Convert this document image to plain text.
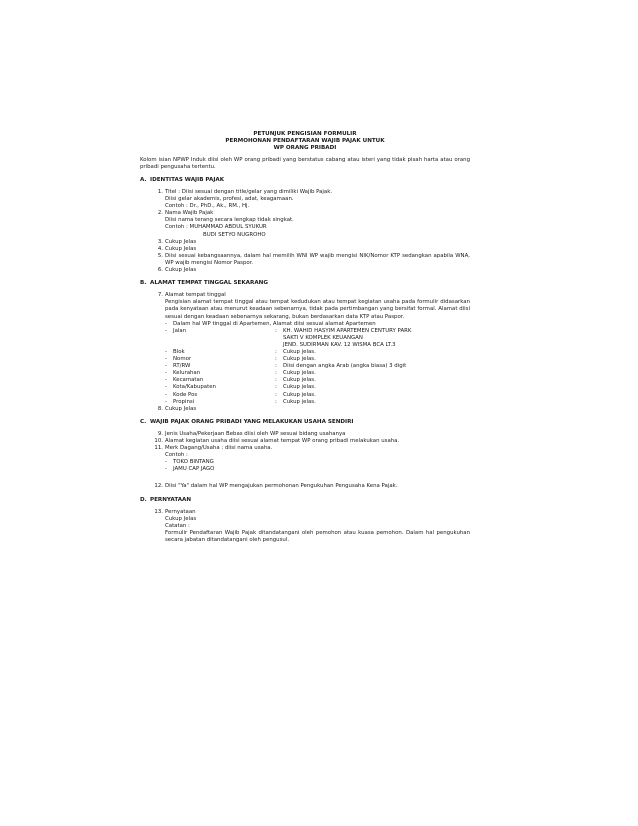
PETUNJUK PENGISIAN FORMULIR
PERMOHONAN PENDAFTARAN WAJIB PAJAK UNTUK
WP ORANG PRIBADI
Kolom isian NPWP Induk diisi oleh WP orang pribadi yang berstatus cabang atau isteri yang tidak pisah harta atau orang pribadi pengusaha tertentu.
A. IDENTITAS WAJIB PAJAK
1. Titel : Diisi sesuai dengan title/gelar yang dimiliki Wajib Pajak.
Diisi gelar akademis, profesi, adat, keagamaan.
Contoh : Dr., PhD., Ak., RM., Hj.
2. Nama Wajib Pajak
Diisi nama terang secara lengkap tidak singkat.
Contoh : MUHAMMAD ABDUL SYUKUR
BUDI SETYO NUGROHO
3. Cukup Jelas
4. Cukup Jelas
5. Diisi sesuai kebangsaannya, dalam hal memilih WNI WP wajib mengisi NIK/Nomor KTP sedangkan apabila WNA, WP wajib mengisi Nomor Paspor.
6. Cukup Jelas
B. ALAMAT TEMPAT TINGGAL SEKARANG
7. Alamat tempat tinggal
Pengisian alamat tempat tinggal atau tempat kedudukan atau tempat kegiatan usaha pada formulir didasarkan pada kenyataan atau menurut keadaan sebenarnya, tidak pada pertimbangan yang bersifat formal. Alamat diisi sesuai dengan keadaan sebenarnya sekarang, bukan berdasarkan data KTP atau Paspor.
- Dalam hal WP tinggal di Apartemen, Alamat diisi sesuai alamat Apartemen
- Jalan	:	KH. WAHID HASYIM APARTEMEN CENTURY PARK
SAKTI V KOMPLEK KEUANGAN
JEND. SUDIRMAN KAV. 12 WISMA BCA LT.3
- Blok	:	Cukup jelas.
- Nomor	:	Cukup jelas.
- RT/RW	:	Diisi dengan angka Arab (angka biasa) 3 digit
- Kelurahan	:	Cukup jelas.
- Kecamatan	:	Cukup jelas.
- Kota/Kabupaten	:	Cukup jelas.
- Kode Pos	:	Cukup jelas.
- Propinsi	:	Cukup jelas.
8. Cukup Jelas
C. WAJIB PAJAK ORANG PRIBADI YANG MELAKUKAN USAHA SENDIRI
9. Jenis Usaha/Pekerjaan Bebas diisi oleh WP sesuai bidang usahanya
10. Alamat kegiatan usaha diisi sesuai alamat tempat WP orang pribadi melakukan usaha.
11. Merk Dagang/Usaha : diisi nama usaha.
Contoh :
- TOKO BINTANG
- JAMU CAP JAGO
12. Diisi "Ya" dalam hal WP mengajukan permohonan Pengukuhan Pengusaha Kena Pajak.
D. PERNYATAAN
13. Pernyataan
Cukup Jelas
Catatan :
Formulir Pendaftaran Wajib Pajak ditandatangani oleh pemohon atau kuasa pemohon. Dalam hal pengukuhan secara jabatan ditandatangani oleh pengusul.
